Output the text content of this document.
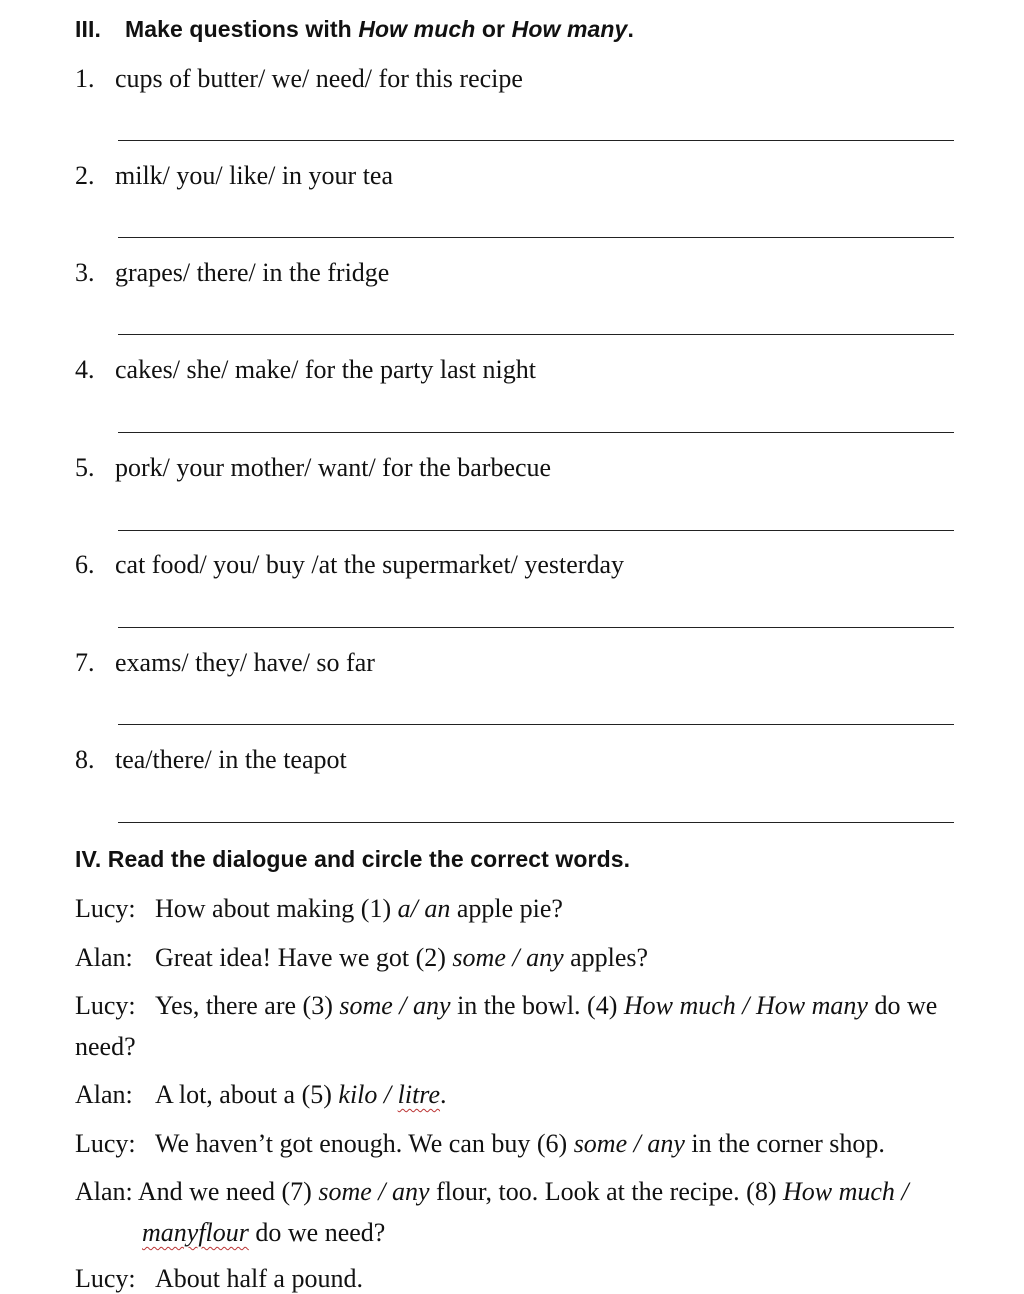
III. Make questions with How much or How many.
1. cups of butter/ we/ need/ for this recipe
2. milk/ you/ like/ in your tea
3. grapes/ there/ in the fridge
4. cakes/ she/ make/ for the party last night
5. pork/ your mother/ want/ for the barbecue
6. cat food/ you/ buy /at the supermarket/ yesterday
7. exams/ they/ have/ so far
8. tea/there/ in the teapot
IV. Read the dialogue and circle the correct words.
Lucy: How about making (1) a/ an apple pie?
Alan: Great idea! Have we got (2) some / any apples?
Lucy: Yes, there are (3) some / any in the bowl. (4) How much / How many do we
need?
Alan: A lot, about a (5) kilo / litre.
Lucy: We haven’t got enough. We can buy (6) some / any in the corner shop.
Alan: And we need (7) some / any flour, too. Look at the recipe. (8) How much /
manyflour do we need?
Lucy: About half a pound.
